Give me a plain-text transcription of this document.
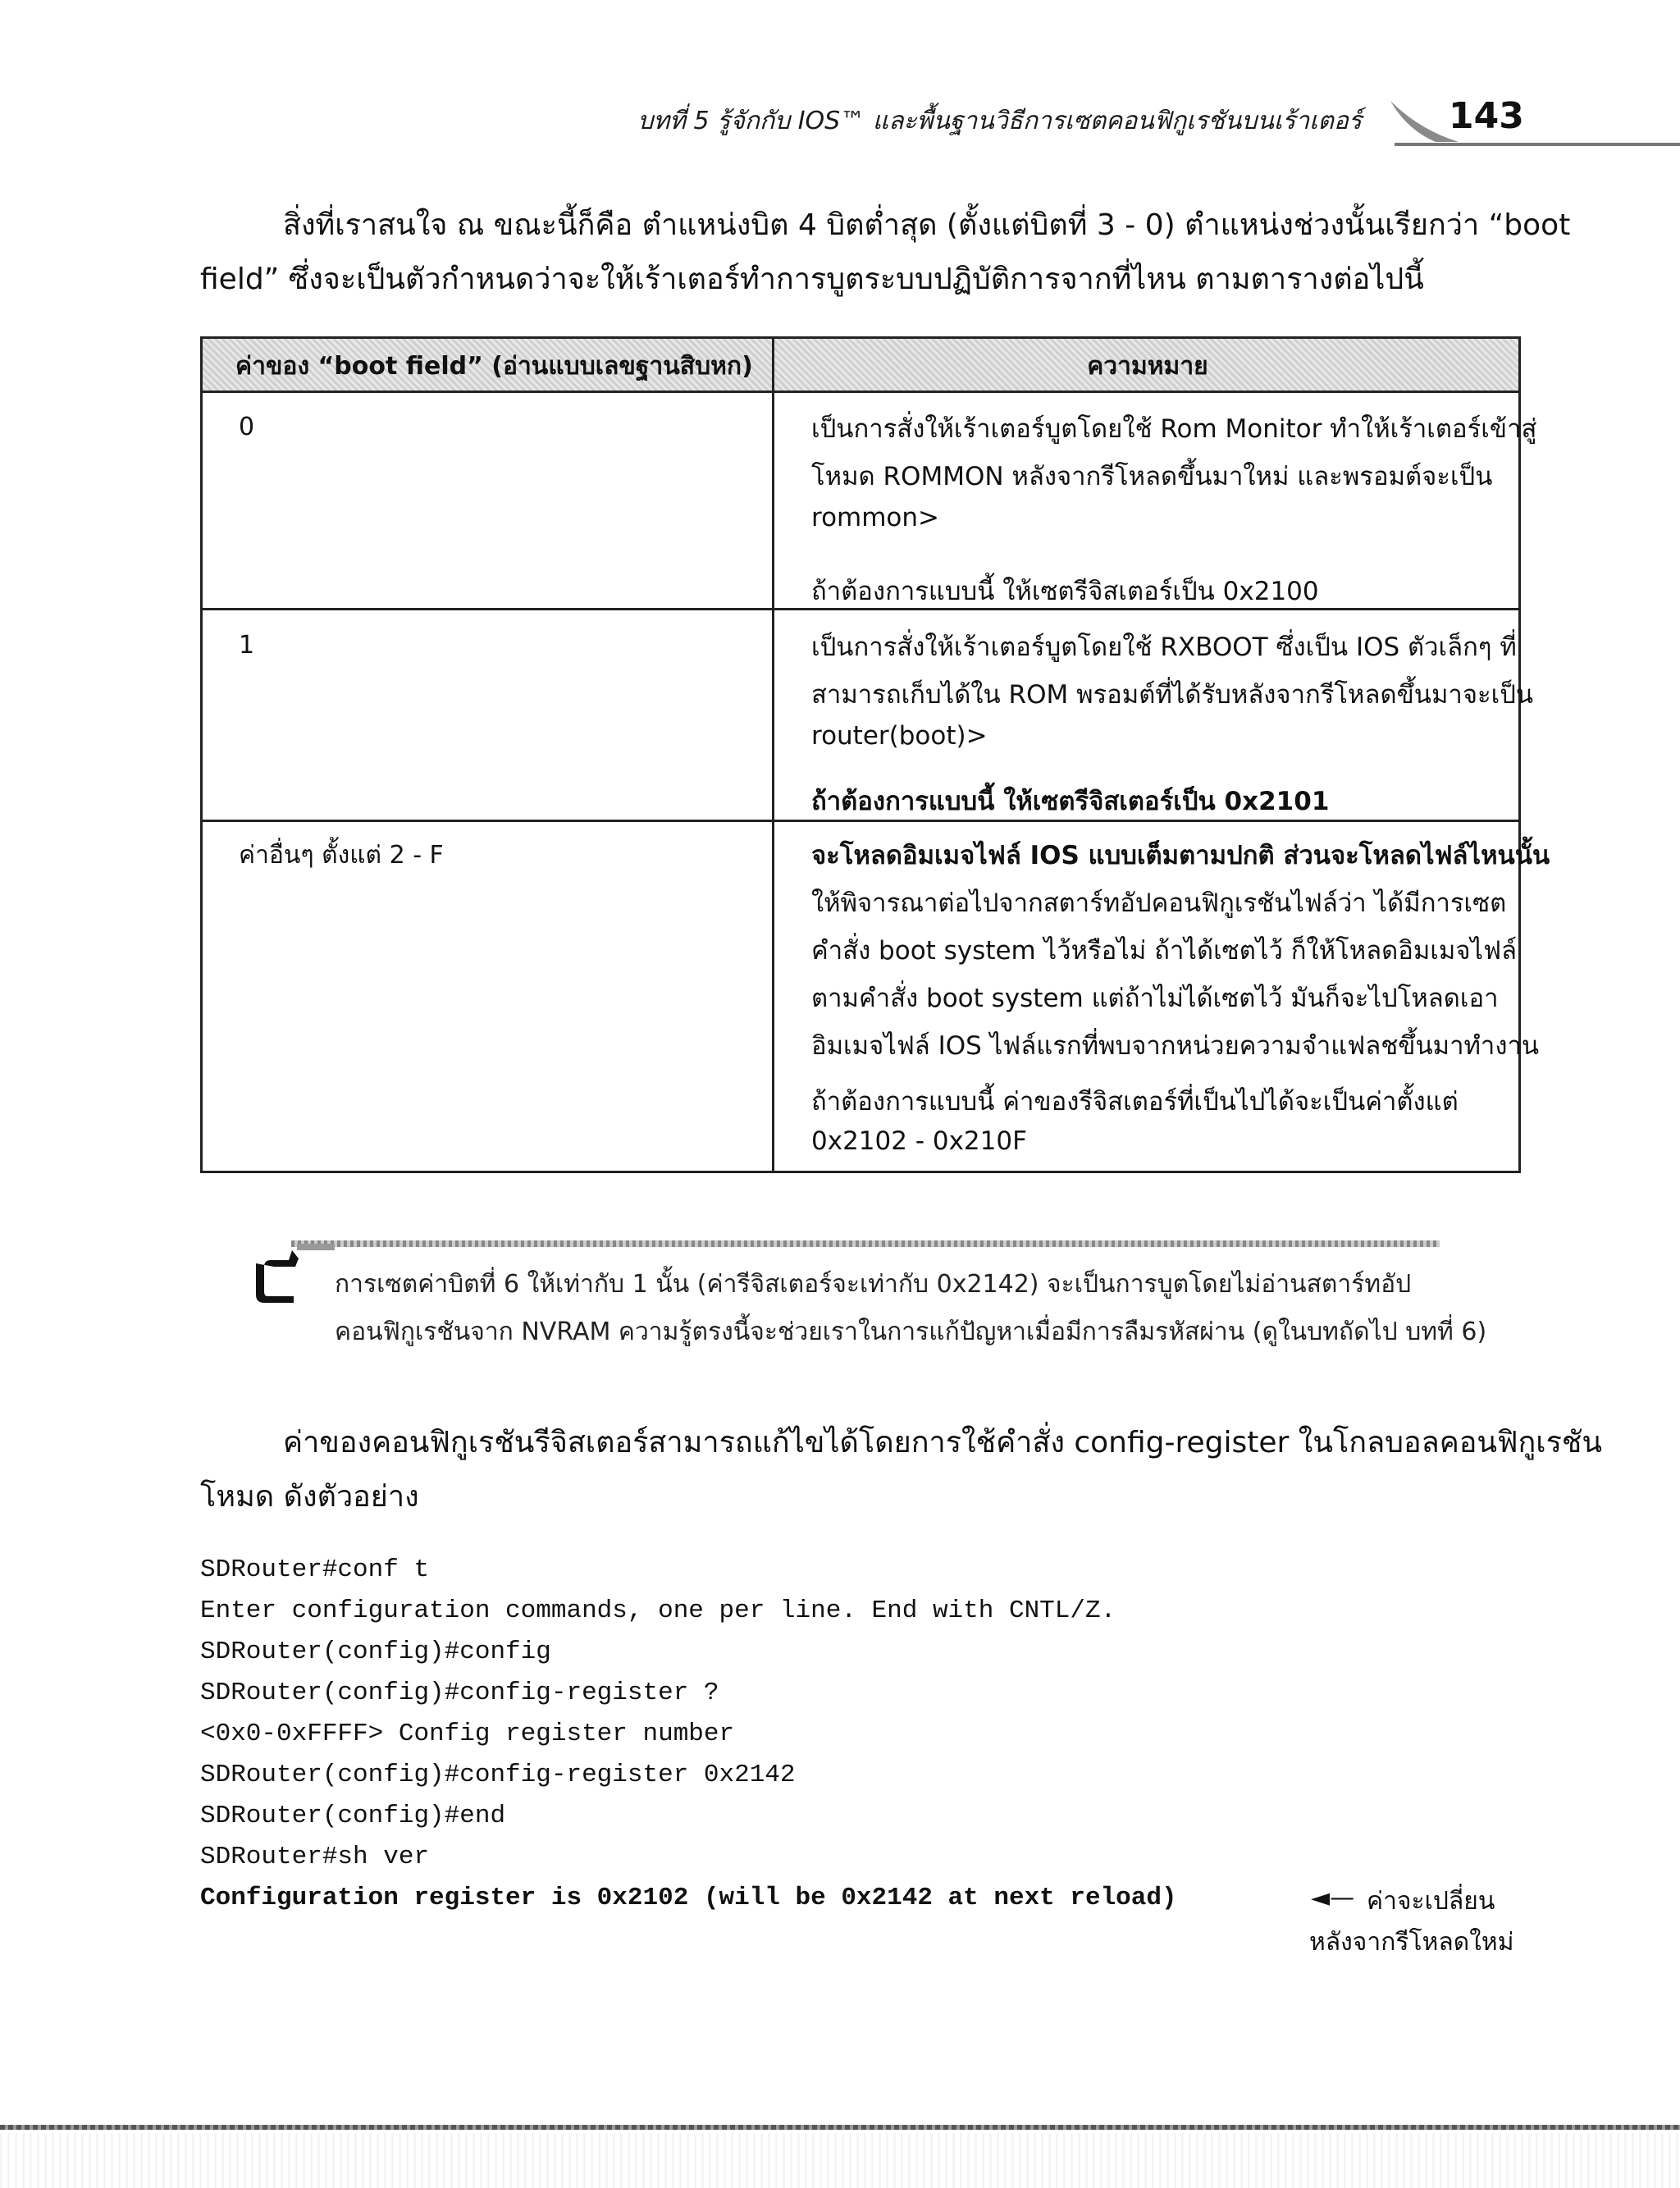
บทที่ 5 รู้จักกับ IOS™ และพื้นฐานวิธีการเซตคอนฟิกูเรชันบนเร้าเตอร์ 143
สิ่งที่เราสนใจ ณ ขณะนี้ก็คือ ตำแหน่งบิต 4 บิตต่ำสุด (ตั้งแต่บิตที่ 3 - 0) ตำแหน่งช่วงนั้นเรียกว่า “boot
field” ซึ่งจะเป็นตัวกำหนดว่าจะให้เร้าเตอร์ทำการบูตระบบปฏิบัติการจากที่ไหน ตามตารางต่อไปนี้
ค่าของ “boot field” (อ่านแบบเลขฐานสิบหก)	ความหมาย
0	เป็นการสั่งให้เร้าเตอร์บูตโดยใช้ Rom Monitor ทำให้เร้าเตอร์เข้าสู่
โหมด ROMMON หลังจากรีโหลดขึ้นมาใหม่ และพรอมต์จะเป็น
rommon>
ถ้าต้องการแบบนี้ ให้เซตรีจิสเตอร์เป็น 0x2100
1	เป็นการสั่งให้เร้าเตอร์บูตโดยใช้ RXBOOT ซึ่งเป็น IOS ตัวเล็กๆ ที่
สามารถเก็บได้ใน ROM พรอมต์ที่ได้รับหลังจากรีโหลดขึ้นมาจะเป็น
router(boot)>
ถ้าต้องการแบบนี้ ให้เซตรีจิสเตอร์เป็น 0x2101
ค่าอื่นๆ ตั้งแต่ 2 - F	จะโหลดอิมเมจไฟล์ IOS แบบเต็มตามปกติ ส่วนจะโหลดไฟล์ไหนนั้น
ให้พิจารณาต่อไปจากสตาร์ทอัปคอนฟิกูเรชันไฟล์ว่า ได้มีการเซต
คำสั่ง boot system ไว้หรือไม่ ถ้าได้เซตไว้ ก็ให้โหลดอิมเมจไฟล์
ตามคำสั่ง boot system แต่ถ้าไม่ได้เซตไว้ มันก็จะไปโหลดเอา
อิมเมจไฟล์ IOS ไฟล์แรกที่พบจากหน่วยความจำแฟลชขึ้นมาทำงาน
ถ้าต้องการแบบนี้ ค่าของรีจิสเตอร์ที่เป็นไปได้จะเป็นค่าตั้งแต่
0x2102 - 0x210F
การเซตค่าบิตที่ 6 ให้เท่ากับ 1 นั้น (ค่ารีจิสเตอร์จะเท่ากับ 0x2142) จะเป็นการบูตโดยไม่อ่านสตาร์ทอัป
คอนฟิกูเรชันจาก NVRAM ความรู้ตรงนี้จะช่วยเราในการแก้ปัญหาเมื่อมีการลืมรหัสผ่าน (ดูในบทถัดไป บทที่ 6)
ค่าของคอนฟิกูเรชันรีจิสเตอร์สามารถแก้ไขได้โดยการใช้คำสั่ง config-register ในโกลบอลคอนฟิกูเรชัน
โหมด ดังตัวอย่าง
SDRouter#conf t
Enter configuration commands, one per line. End with CNTL/Z.
SDRouter(config)#config
SDRouter(config)#config-register ?
<0x0-0xFFFF> Config register number
SDRouter(config)#config-register 0x2142
SDRouter(config)#end
SDRouter#sh ver
Configuration register is 0x2102 (will be 0x2142 at next reload)	◄— ค่าจะเปลี่ยน
หลังจากรีโหลดใหม่
